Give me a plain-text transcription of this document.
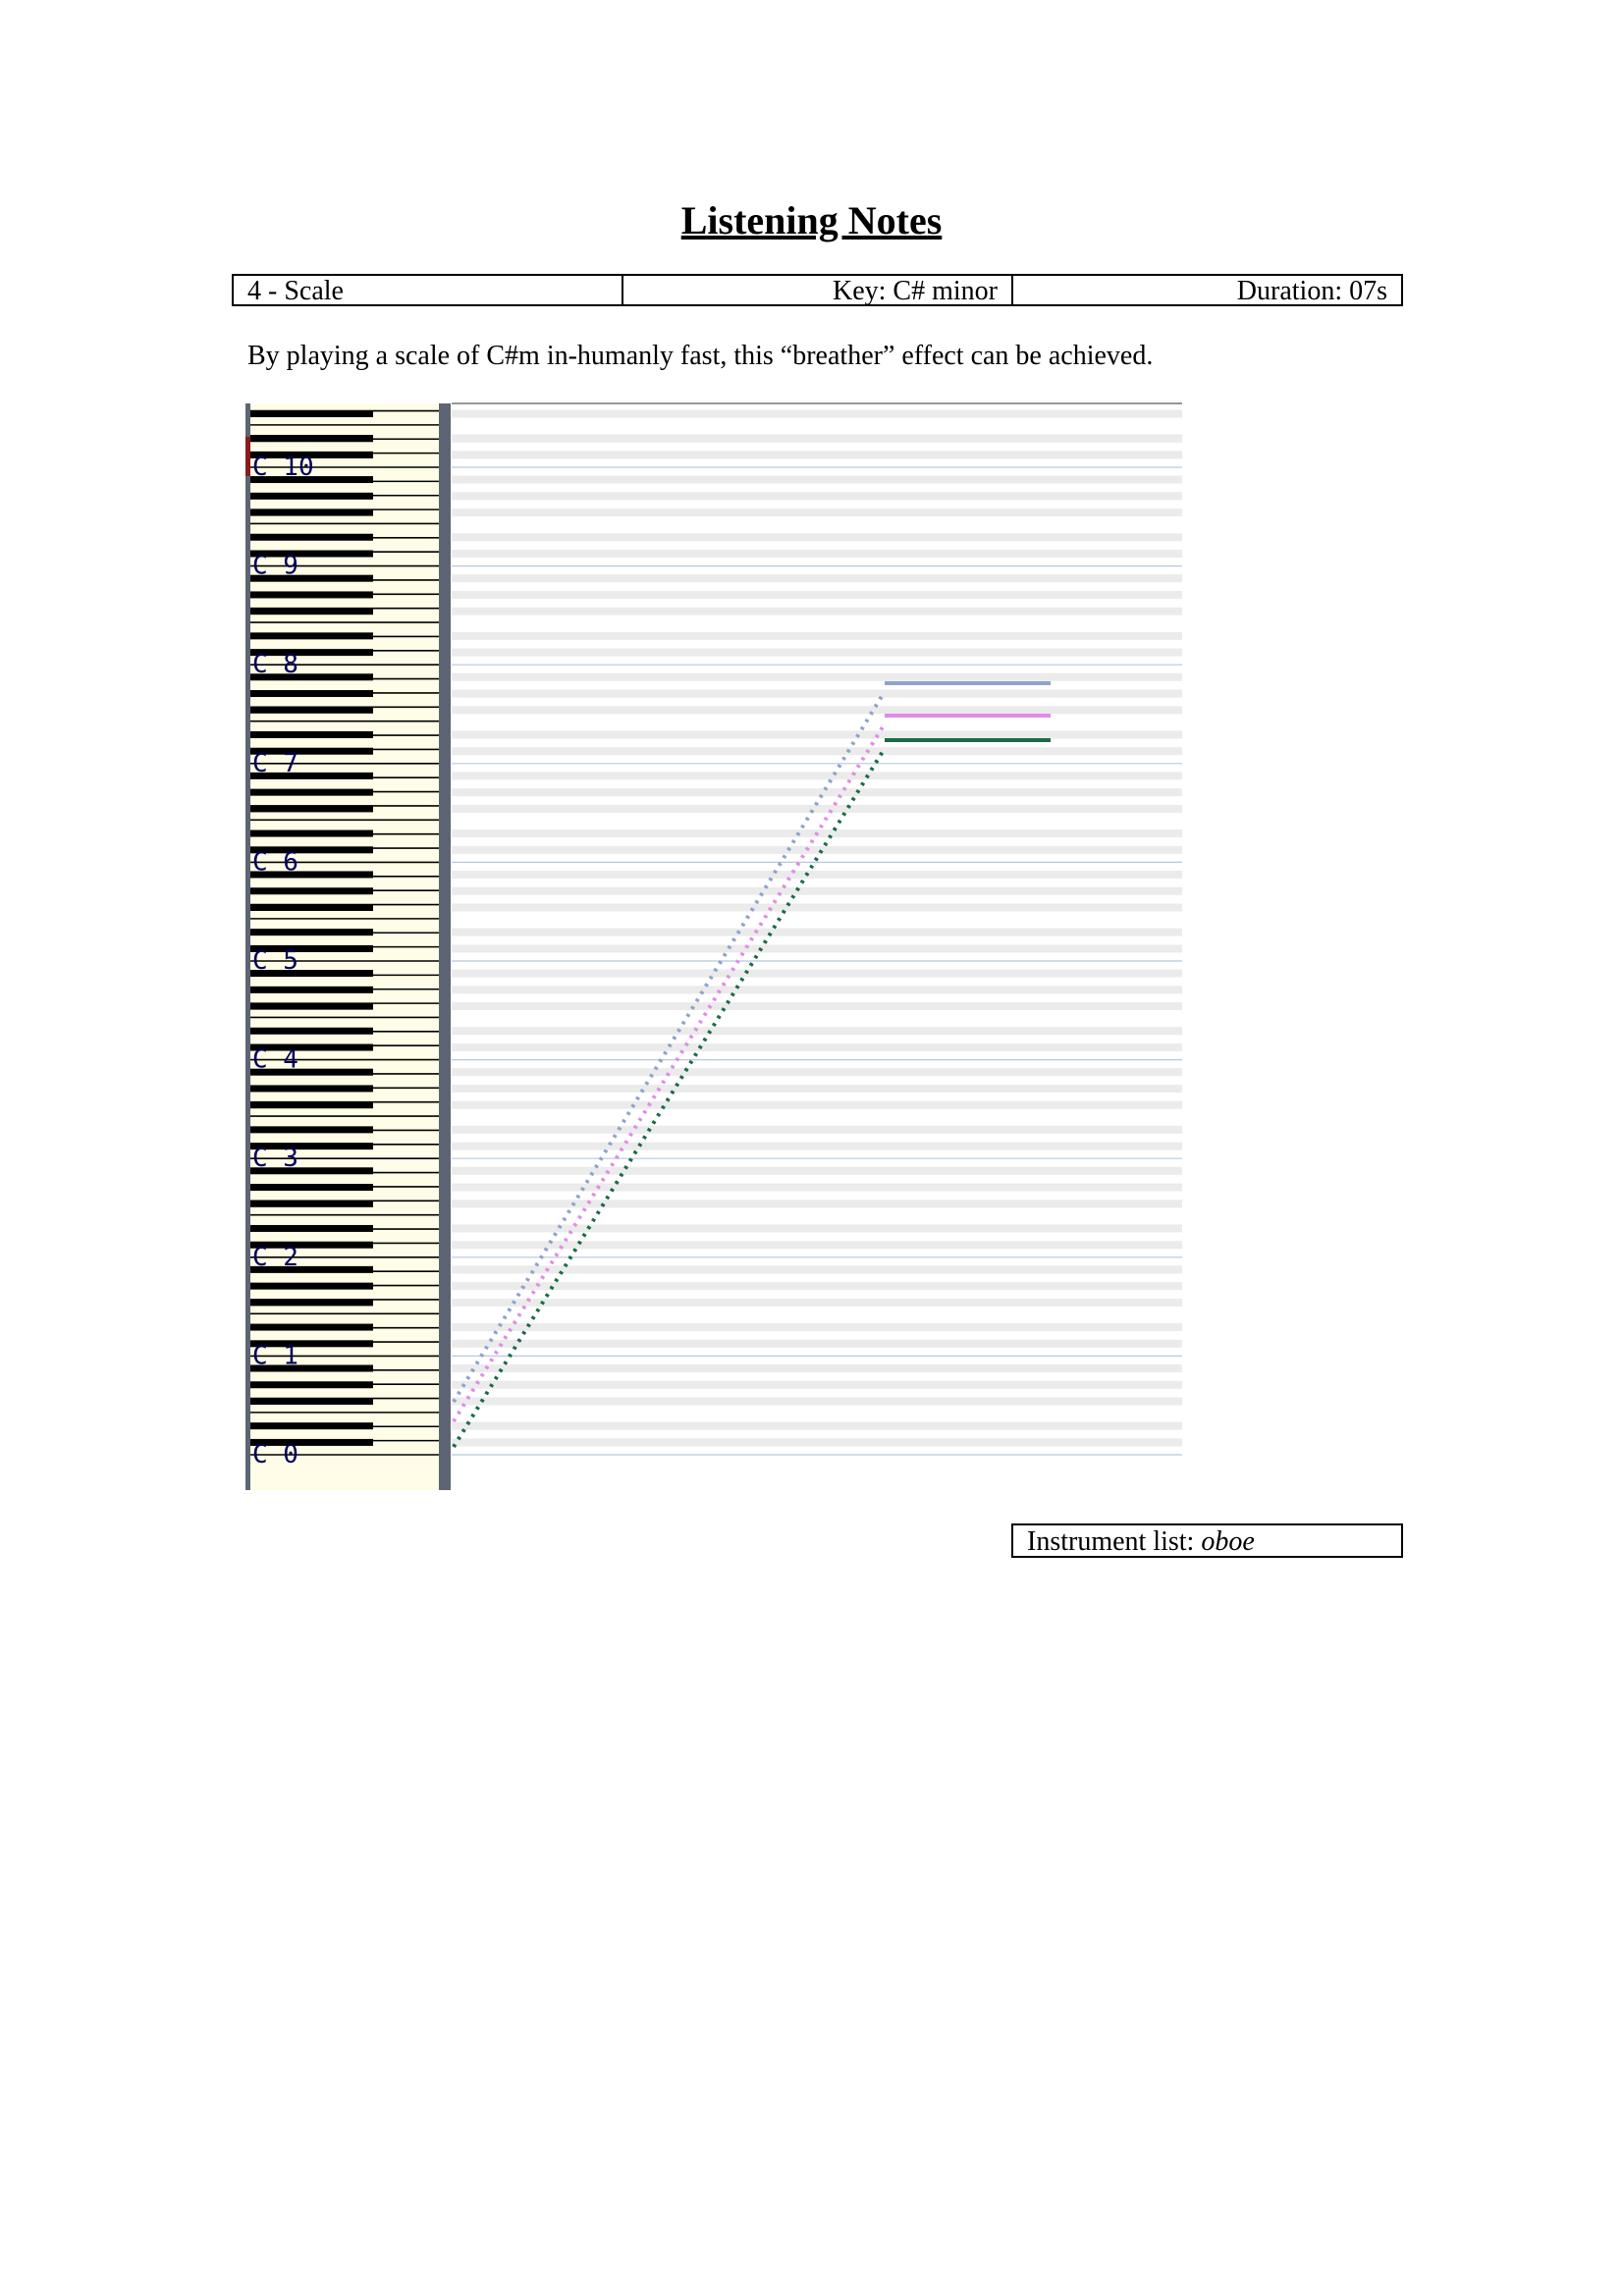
Listening Notes
4 - Scale	Key: C# minor	Duration: 07s
By playing a scale of C#m in-humanly fast, this “breather” effect can be achieved.
C 10
C 9
C 8
C 7
C 6
C 5
C 4
C 3
C 2
C 1
C 0
Instrument list: oboe
